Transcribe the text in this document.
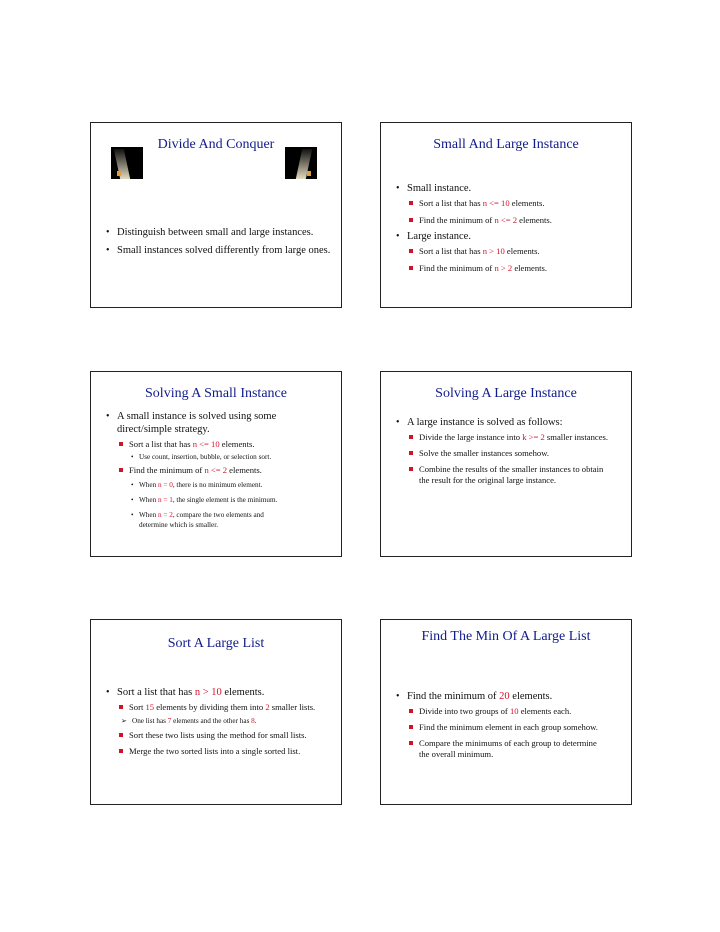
Divide And Conquer
• Distinguish between small and large instances.
• Small instances solved differently from large ones.
Small And Large Instance
• Small instance.
Sort a list that has n <= 10 elements.
Find the minimum of n <= 2 elements.
• Large instance.
Sort a list that has n > 10 elements.
Find the minimum of n > 2 elements.
Solving A Small Instance
• A small instance is solved using some
direct/simple strategy.
Sort a list that has n <= 10 elements.
• Use count, insertion, bubble, or selection sort.
Find the minimum of n <= 2 elements.
• When n = 0, there is no minimum element.
• When n = 1, the single element is the minimum.
• When n = 2, compare the two elements and
determine which is smaller.
Solving A Large Instance
• A large instance is solved as follows:
Divide the large instance into k >= 2 smaller instances.
Solve the smaller instances somehow.
Combine the results of the smaller instances to obtain
the result for the original large instance.
Sort A Large List
• Sort a list that has n > 10 elements.
Sort 15 elements by dividing them into 2 smaller lists.
➢ One list has 7 elements and the other has 8.
Sort these two lists using the method for small lists.
Merge the two sorted lists into a single sorted list.
Find The Min Of A Large List
• Find the minimum of 20 elements.
Divide into two groups of 10 elements each.
Find the minimum element in each group somehow.
Compare the minimums of each group to determine
the overall minimum.
